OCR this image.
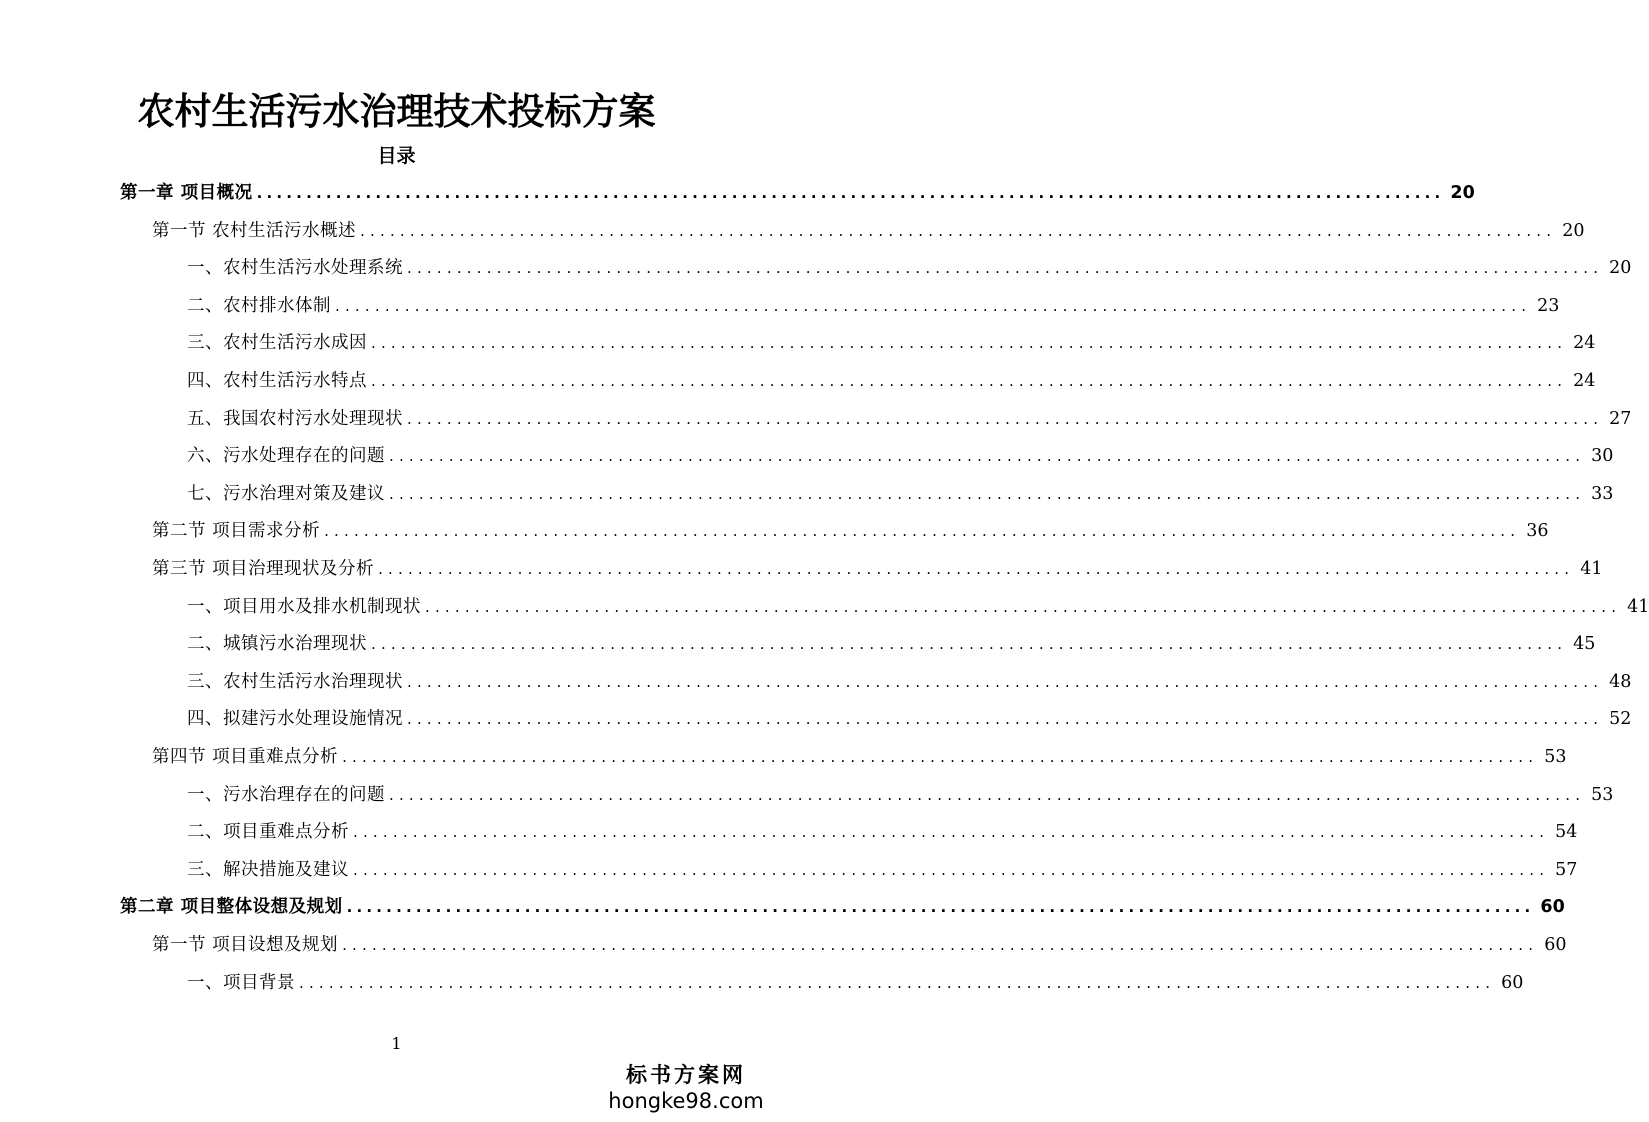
农村生活污水治理技术投标方案
目录
第一章 项目概况 ........................................................................................................................ 20
第一节 农村生活污水概述 ........................................................................................................................ 20
一、农村生活污水处理系统 ........................................................................................................................ 20
二、农村排水体制 ........................................................................................................................ 23
三、农村生活污水成因 ........................................................................................................................ 24
四、农村生活污水特点 ........................................................................................................................ 24
五、我国农村污水处理现状 ........................................................................................................................ 27
六、污水处理存在的问题 ........................................................................................................................ 30
七、污水治理对策及建议 ........................................................................................................................ 33
第二节 项目需求分析 ........................................................................................................................ 36
第三节 项目治理现状及分析 ........................................................................................................................ 41
一、项目用水及排水机制现状 ........................................................................................................................ 41
二、城镇污水治理现状 ........................................................................................................................ 45
三、农村生活污水治理现状 ........................................................................................................................ 48
四、拟建污水处理设施情况 ........................................................................................................................ 52
第四节 项目重难点分析 ........................................................................................................................ 53
一、污水治理存在的问题 ........................................................................................................................ 53
二、项目重难点分析 ........................................................................................................................ 54
三、解决措施及建议 ........................................................................................................................ 57
第二章 项目整体设想及规划 ........................................................................................................................ 60
第一节 项目设想及规划 ........................................................................................................................ 60
一、项目背景 ........................................................................................................................ 60
1
标书方案网
hongke98.com
